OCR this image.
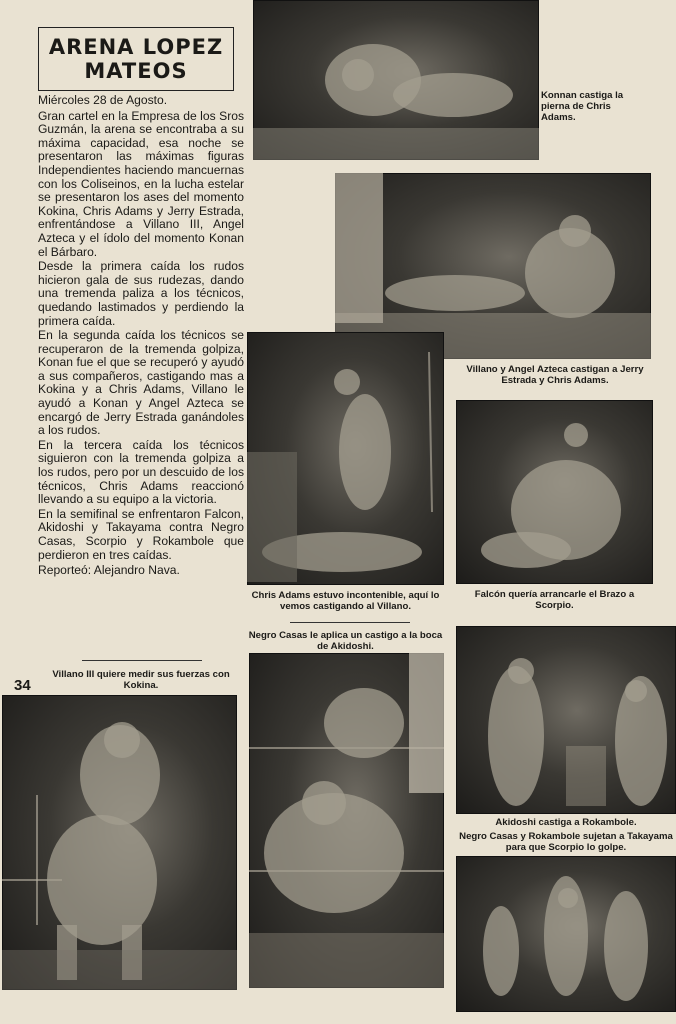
ARENA LOPEZ
MATEOS

Miércoles 28 de Agosto.

Gran cartel en la Empresa de los Sros Guzmán, la arena se encontraba a su máxima capacidad, esa noche se presentaron las máximas figuras Independientes haciendo mancuernas con los Coliseinos, en la lucha estelar se presentaron los ases del momento Kokina, Chris Adams y Jerry Estrada, enfrentándose a Villano III, Angel Azteca y el ídolo del momento Konan el Bárbaro.

Desde la primera caída los rudos hicieron gala de sus rudezas, dando una tremenda paliza a los técnicos, quedando lastimados y perdiendo la primera caída.

En la segunda caída los técnicos se recuperaron de la tremenda golpiza, Konan fue el que se recuperó y ayudó a sus compañeros, castigando mas a Kokina y a Chris Adams, Villano le ayudó a Konan y Angel Azteca se encargó de Jerry Estrada ganándoles a los rudos.

En la tercera caída los técnicos siguieron con la tremenda golpiza a los rudos, pero por un descuido de los técnicos, Chris Adams reaccionó llevando a su equipo a la victoria.

En la semifinal se enfrentaron Falcon, Akidoshi y Takayama contra Negro Casas, Scorpio y Rokambole que perdieron en tres caídas.

Reporteó: Alejandro Nava.

Konnan castiga la pierna de Chris Adams.
Villano y Angel Azteca castigan a Jerry Estrada y Chris Adams.
Chris Adams estuvo incontenible, aquí lo vemos castigando al Villano.
Falcón quería arrancarle el Brazo a Scorpio.
Negro Casas le aplica un castigo a la boca de Akidoshi.
Akidoshi castiga a Rokambole.
Negro Casas y Rokambole sujetan a Takayama para que Scorpio lo golpe.
Villano III quiere medir sus fuerzas con Kokina.
34
